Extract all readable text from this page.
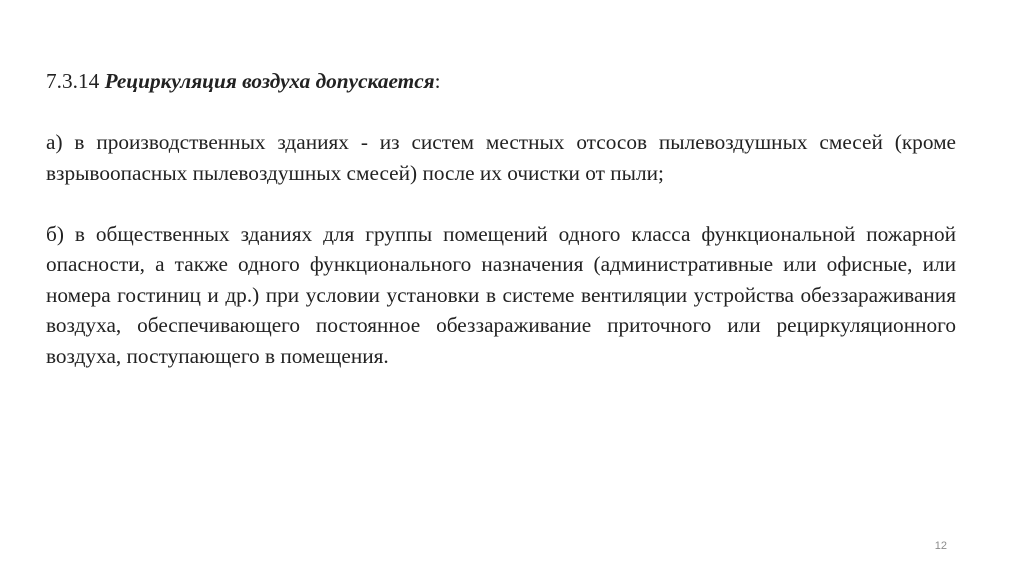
7.3.14 Рециркуляция воздуха допускается:

а) в производственных зданиях - из систем местных отсосов пылевоздушных смесей (кроме взрывоопасных пылевоздушных смесей) после их очистки от пыли;

б) в общественных зданиях для группы помещений одного класса функциональной пожарной опасности, а также одного функционального назначения (административные или офисные, или номера гостиниц и др.) при условии установки в системе вентиляции устройства обеззараживания воздуха, обеспечивающего постоянное обеззараживание приточного или рециркуляционного воздуха, поступающего в помещения.

12
